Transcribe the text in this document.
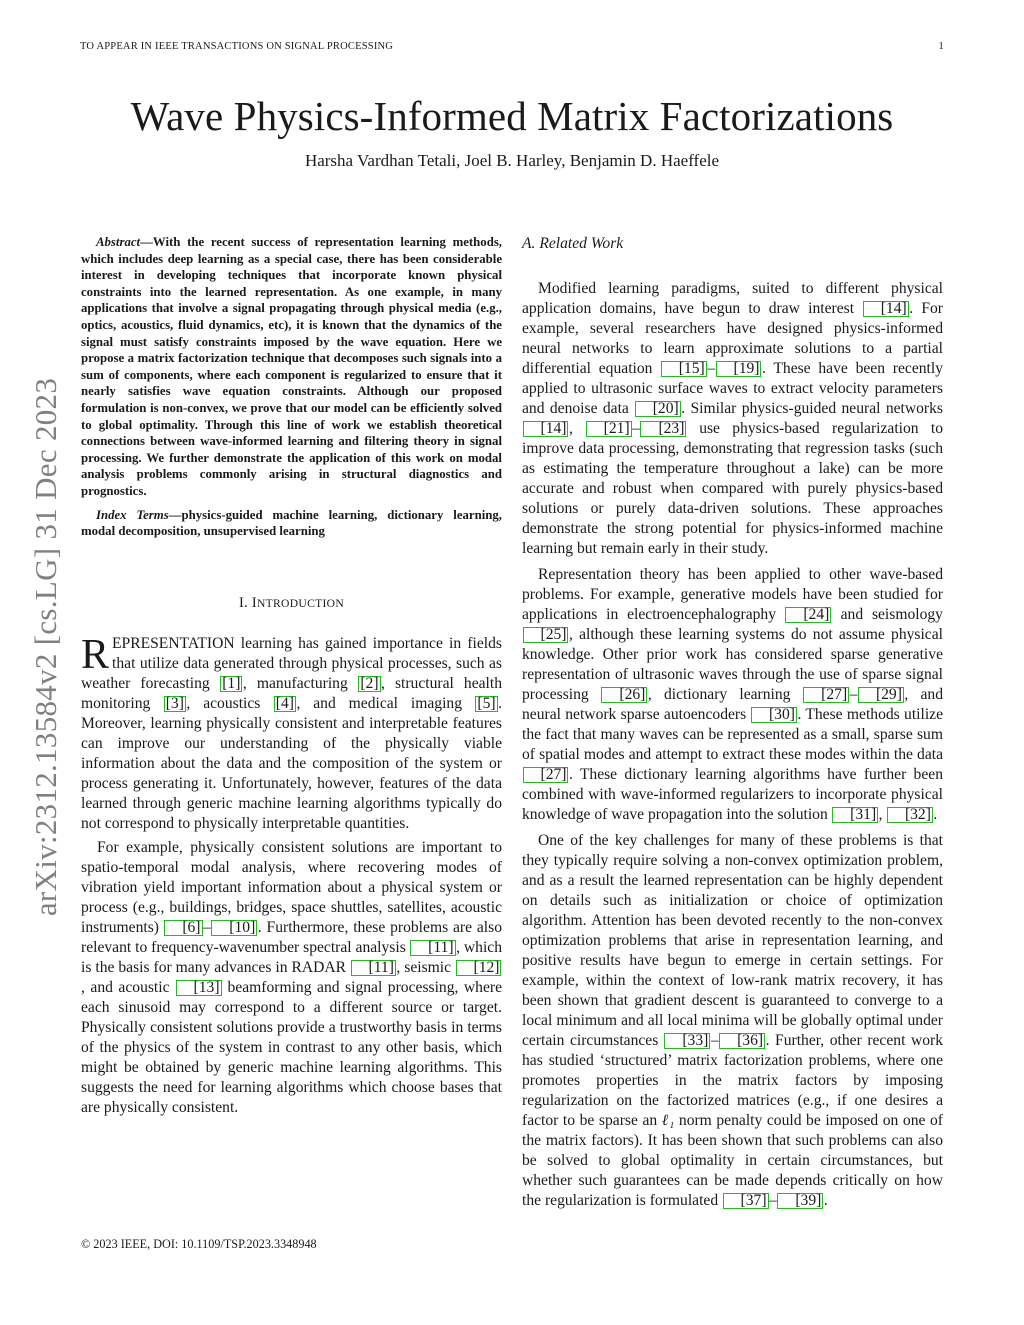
TO APPEAR IN IEEE TRANSACTIONS ON SIGNAL PROCESSING	1
Wave Physics-Informed Matrix Factorizations
Harsha Vardhan Tetali, Joel B. Harley, Benjamin D. Haeffele
arXiv:2312.13584v2 [cs.LG] 31 Dec 2023

Abstract—With the recent success of representation learning methods, which includes deep learning as a special case, there has been considerable interest in developing techniques that incorporate known physical constraints into the learned representation. As one example, in many applications that involve a signal propagating through physical media (e.g., optics, acoustics, fluid dynamics, etc), it is known that the dynamics of the signal must satisfy constraints imposed by the wave equation. Here we propose a matrix factorization technique that decomposes such signals into a sum of components, where each component is regularized to ensure that it nearly satisfies wave equation constraints. Although our proposed formulation is non-convex, we prove that our model can be efficiently solved to global optimality. Through this line of work we establish theoretical connections between wave-informed learning and filtering theory in signal processing. We further demonstrate the application of this work on modal analysis problems commonly arising in structural diagnostics and prognostics.

Index Terms—physics-guided machine learning, dictionary learning, modal decomposition, unsupervised learning

I. INTRODUCTION

REPRESENTATION learning has gained importance in fields that utilize data generated through physical processes, such as weather forecasting [1] , manufacturing [2] , structural health monitoring [3] , acoustics [4] , and medical imaging [5] . Moreover, learning physically consistent and interpretable features can improve our understanding of the physically viable information about the data and the composition of the system or process generating it. Unfortunately, however, features of the data learned through generic machine learning algorithms typically do not correspond to physically interpretable quantities.

For example, physically consistent solutions are important to spatio-temporal modal analysis, where recovering modes of vibration yield important information about a physical system or process (e.g., buildings, bridges, space shuttles, satellites, acoustic instruments) [6] – [10] . Furthermore, these problems are also relevant to frequency-wavenumber spectral analysis [11] , which is the basis for many advances in RADAR [11] , seismic [12], and acoustic [13] beamforming and signal processing, where each sinusoid may correspond to a different source or target. Physically consistent solutions provide a trustworthy basis in terms of the physics of the system in contrast to any other basis, which might be obtained by generic machine learning algorithms. This suggests the need for learning algorithms which choose bases that are physically consistent.

© 2023 IEEE, DOI: 10.1109/TSP.2023.3348948
A. Related Work

Modified learning paradigms, suited to different physical application domains, have begun to draw interest [14] . For example, several researchers have designed physics-informed neural networks to learn approximate solutions to a partial differential equation [15] – [19] . These have been recently applied to ultrasonic surface waves to extract velocity parameters and denoise data [20] . Similar physics-guided neural networks [14] , [21] – [23] use physics-based regularization to improve data processing, demonstrating that regression tasks (such as estimating the temperature throughout a lake) can be more accurate and robust when compared with purely physics-based solutions or purely data-driven solutions. These approaches demonstrate the strong potential for physics-informed machine learning but remain early in their study.

Representation theory has been applied to other wave-based problems. For example, generative models have been studied for applications in electroencephalography [24] and seismology [25] , although these learning systems do not assume physical knowledge. Other prior work has considered sparse generative representation of ultrasonic waves through the use of sparse signal processing [26] , dictionary learning [27] – [29] , and neural network sparse autoencoders [30] . These methods utilize the fact that many waves can be represented as a small, sparse sum of spatial modes and attempt to extract these modes within the data [27] . These dictionary learning algorithms have further been combined with wave-informed regularizers to incorporate physical knowledge of wave propagation into the solution [31] , [32] .

One of the key challenges for many of these problems is that they typically require solving a non-convex optimization problem, and as a result the learned representation can be highly dependent on details such as initialization or choice of optimization algorithm. Attention has been devoted recently to the non-convex optimization problems that arise in representation learning, and positive results have begun to emerge in certain settings. For example, within the context of low-rank matrix recovery, it has been shown that gradient descent is guaranteed to converge to a local minimum and all local minima will be globally optimal under certain circumstances [33] – [36] . Further, other recent work has studied ‘structured’ matrix factorization problems, where one promotes properties in the matrix factors by imposing regularization on the factorized matrices (e.g., if one desires a factor to be sparse an ℓ₁ norm penalty could be imposed on one of the matrix factors). It has been shown that such problems can also be solved to global optimality in certain circumstances, but whether such guarantees can be made depends critically on how the regularization is formulated [37] – [39] .
